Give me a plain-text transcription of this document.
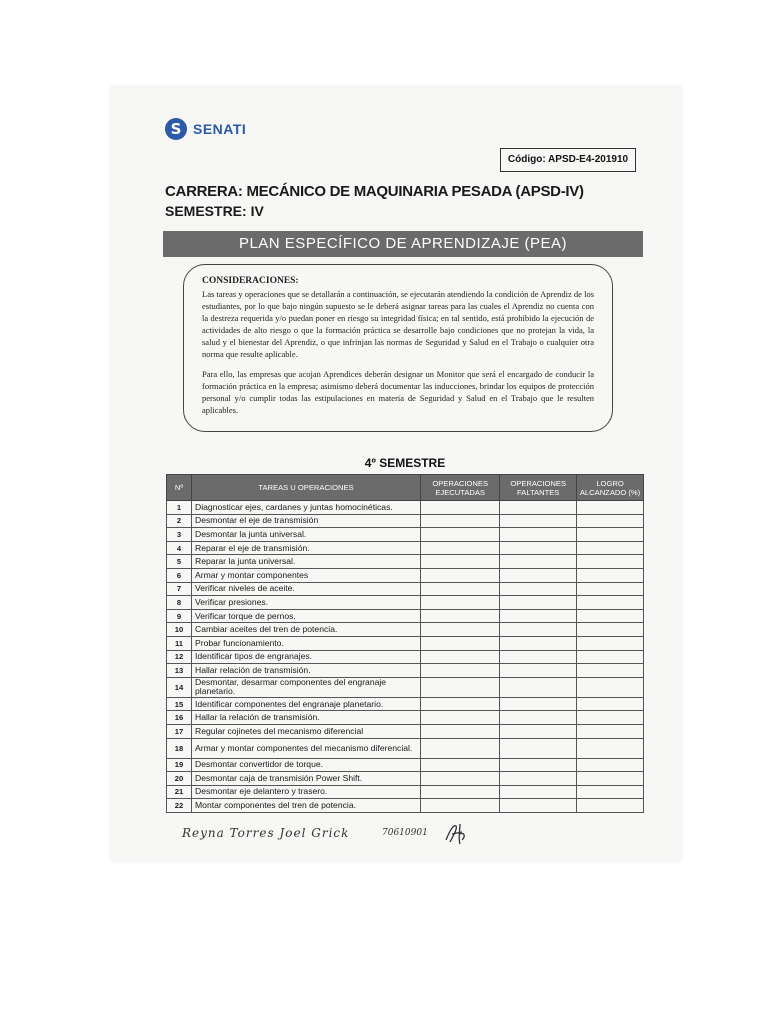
S SENATI
Código: APSD-E4-201910
CARRERA: MECÁNICO DE MAQUINARIA PESADA (APSD-IV)
SEMESTRE: IV
PLAN ESPECÍFICO DE APRENDIZAJE (PEA)
CONSIDERACIONES:

Las tareas y operaciones que se detallarán a continuación, se ejecutarán atendiendo la condición de Aprendiz de los estudiantes, por lo que bajo ningún supuesto se le deberá asignar tareas para las cuales el Aprendiz no cuenta con la destreza requerida y/o puedan poner en riesgo su integridad física; en tal sentido, está prohibido la ejecución de actividades de alto riesgo o que la formación práctica se desarrolle bajo condiciones que no protejan la vida, la salud y el bienestar del Aprendiz, o que infrinjan las normas de Seguridad y Salud en el Trabajo o cualquier otra norma que resulte aplicable.

Para ello, las empresas que acojan Aprendices deberán designar un Monitor que será el encargado de conducir la formación práctica en la empresa; asimismo deberá documentar las inducciones, brindar los equipos de protección personal y/o cumplir todas las estipulaciones en materia de Seguridad y Salud en el Trabajo que le resulten aplicables.

4º SEMESTRE
Nº	TAREAS U OPERACIONES	OPERACIONES EJECUTADAS	OPERACIONES FALTANTES	LOGRO ALCANZADO (%)
1	Diagnosticar ejes, cardanes y juntas homocinéticas.			
2	Desmontar el eje de transmisión			
3	Desmontar la junta universal.			
4	Reparar el eje de transmisión.			
5	Reparar la junta universal.			
6	Armar y montar componentes			
7	Verificar niveles de aceite.			
8	Verificar presiones.			
9	Verificar torque de pernos.			
10	Cambiar aceites del tren de potencia.			
11	Probar funcionamiento.			
12	Identificar tipos de engranajes.			
13	Hallar relación de transmisión.			
14	Desmontar, desarmar componentes del engranaje planetario.			
15	Identificar componentes del engranaje planetario.			
16	Hallar la relación de transmisión.			
17	Regular cojinetes del mecanismo diferencial			
18	Armar y montar componentes del mecanismo diferencial.			
19	Desmontar convertidor de torque.			
20	Desmontar caja de transmisión Power Shift.			
21	Desmontar eje delantero y trasero.			
22	Montar componentes del tren de potencia.			
Reyna Torres Joel Grick	70610901
